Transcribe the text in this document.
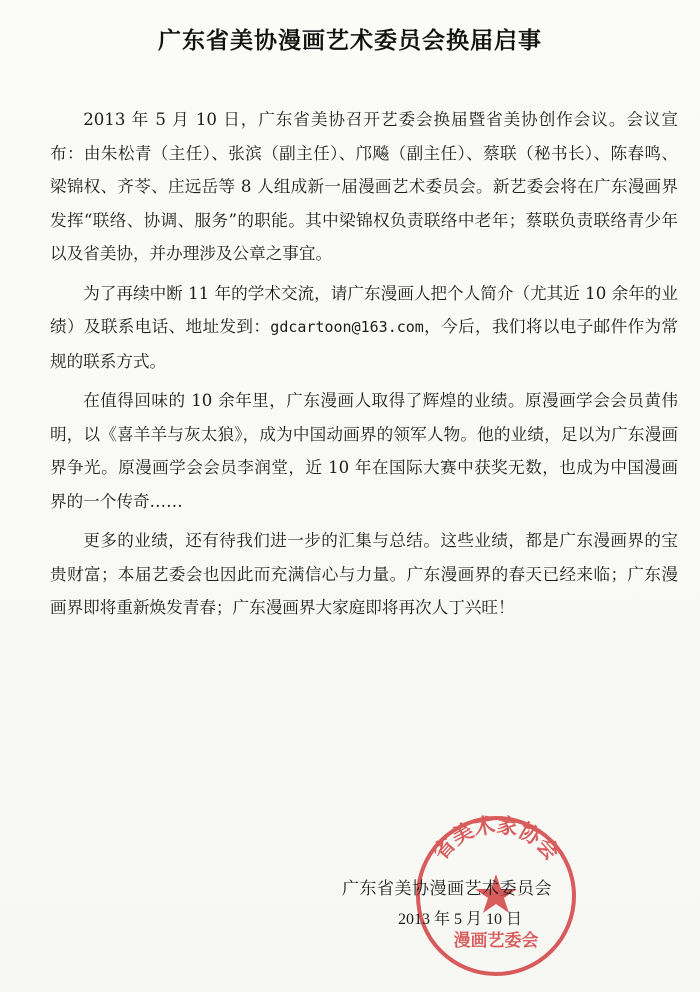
广东省美协漫画艺术委员会换届启事

2013 年 5 月 10 日，广东省美协召开艺委会换届暨省美协创作会议。会议宣布：由朱松青（主任）、张滨（副主任）、邝飚（副主任）、蔡联（秘书长）、陈春鸣、梁锦权、齐苓、庄远岳等 8 人组成新一届漫画艺术委员会。新艺委会将在广东漫画界发挥“联络、协调、服务”的职能。其中梁锦权负责联络中老年；蔡联负责联络青少年以及省美协，并办理涉及公章之事宜。

为了再续中断 11 年的学术交流，请广东漫画人把个人简介（尤其近 10 余年的业绩）及联系电话、地址发到：gdcartoon@163.com，今后，我们将以电子邮件作为常规的联系方式。

在值得回味的 10 余年里，广东漫画人取得了辉煌的业绩。原漫画学会会员黄伟明，以《喜羊羊与灰太狼》，成为中国动画界的领军人物。他的业绩，足以为广东漫画界争光。原漫画学会会员李润堂，近 10 年在国际大赛中获奖无数，也成为中国漫画界的一个传奇……

更多的业绩，还有待我们进一步的汇集与总结。这些业绩，都是广东漫画界的宝贵财富；本届艺委会也因此而充满信心与力量。广东漫画界的春天已经来临；广东漫画界即将重新焕发青春；广东漫画界大家庭即将再次人丁兴旺！

省美术家协会
漫画艺委会
广东省美协漫画艺术委员会
2013 年 5 月 10 日
